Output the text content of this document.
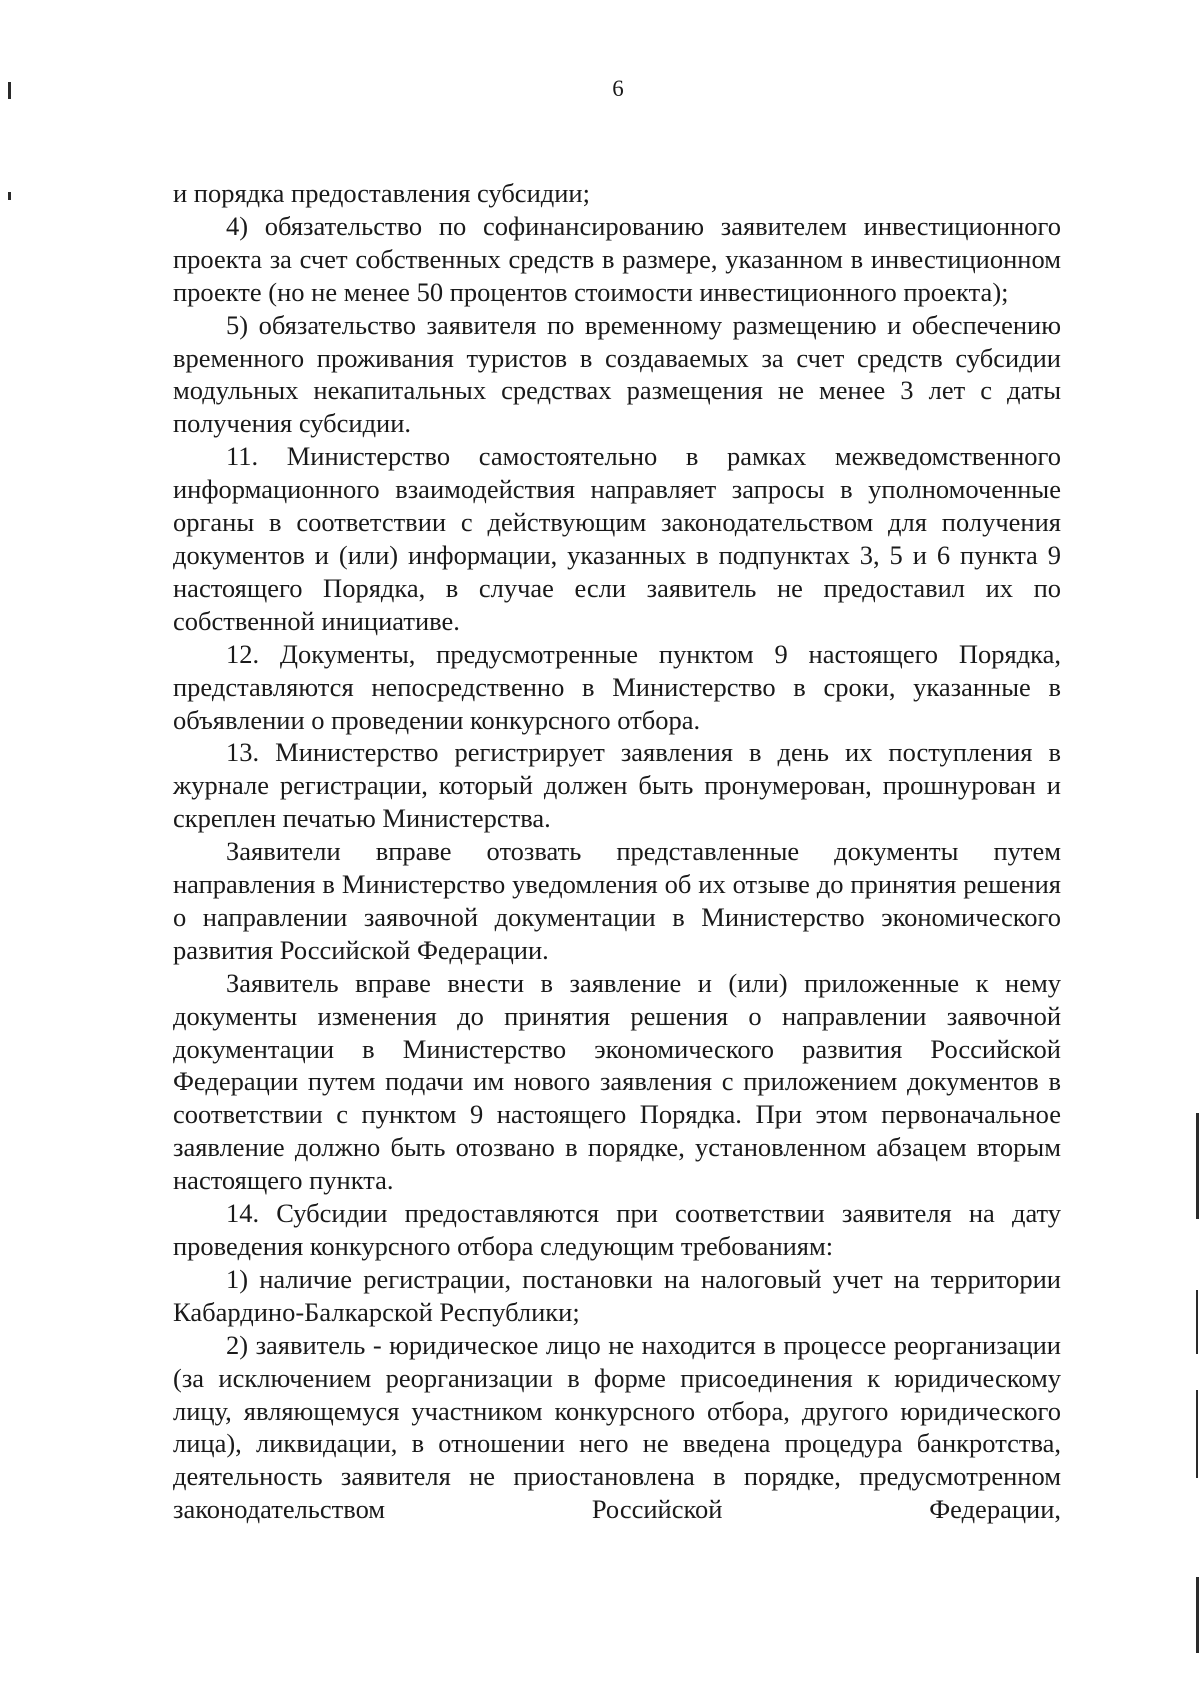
6

и порядка предоставления субсидии;

4) обязательство по софинансированию заявителем инвестиционного проекта за счет собственных средств в размере, указанном в инвестиционном проекте (но не менее 50 процентов стоимости инвестиционного проекта);

5) обязательство заявителя по временному размещению и обеспечению временного проживания туристов в создаваемых за счет средств субсидии модульных некапитальных средствах размещения не менее 3 лет с даты получения субсидии.

11. Министерство самостоятельно в рамках межведомственного информационного взаимодействия направляет запросы в уполномоченные органы в соответствии с действующим законодательством для получения документов и (или) информации, указанных в подпунктах 3, 5 и 6 пункта 9 настоящего Порядка, в случае если заявитель не предоставил их по собственной инициативе.

12. Документы, предусмотренные пунктом 9 настоящего Порядка, представляются непосредственно в Министерство в сроки, указанные в объявлении о проведении конкурсного отбора.

13. Министерство регистрирует заявления в день их поступления в журнале регистрации, который должен быть пронумерован, прошнурован и скреплен печатью Министерства.

Заявители вправе отозвать представленные документы путем направления в Министерство уведомления об их отзыве до принятия решения о направлении заявочной документации в Министерство экономического развития Российской Федерации.

Заявитель вправе внести в заявление и (или) приложенные к нему документы изменения до принятия решения о направлении заявочной документации в Министерство экономического развития Российской Федерации путем подачи им нового заявления с приложением документов в соответствии с пунктом 9 настоящего Порядка. При этом первоначальное заявление должно быть отозвано в порядке, установленном абзацем вторым настоящего пункта.

14. Субсидии предоставляются при соответствии заявителя на дату проведения конкурсного отбора следующим требованиям:

1) наличие регистрации, постановки на налоговый учет на территории Кабардино-Балкарской Республики;

2) заявитель - юридическое лицо не находится в процессе реорганизации (за исключением реорганизации в форме присоединения к юридическому лицу, являющемуся участником конкурсного отбора, другого юридического лица), ликвидации, в отношении него не введена процедура банкротства, деятельность заявителя не приостановлена в порядке, предусмотренном законодательством Российской Федерации,
